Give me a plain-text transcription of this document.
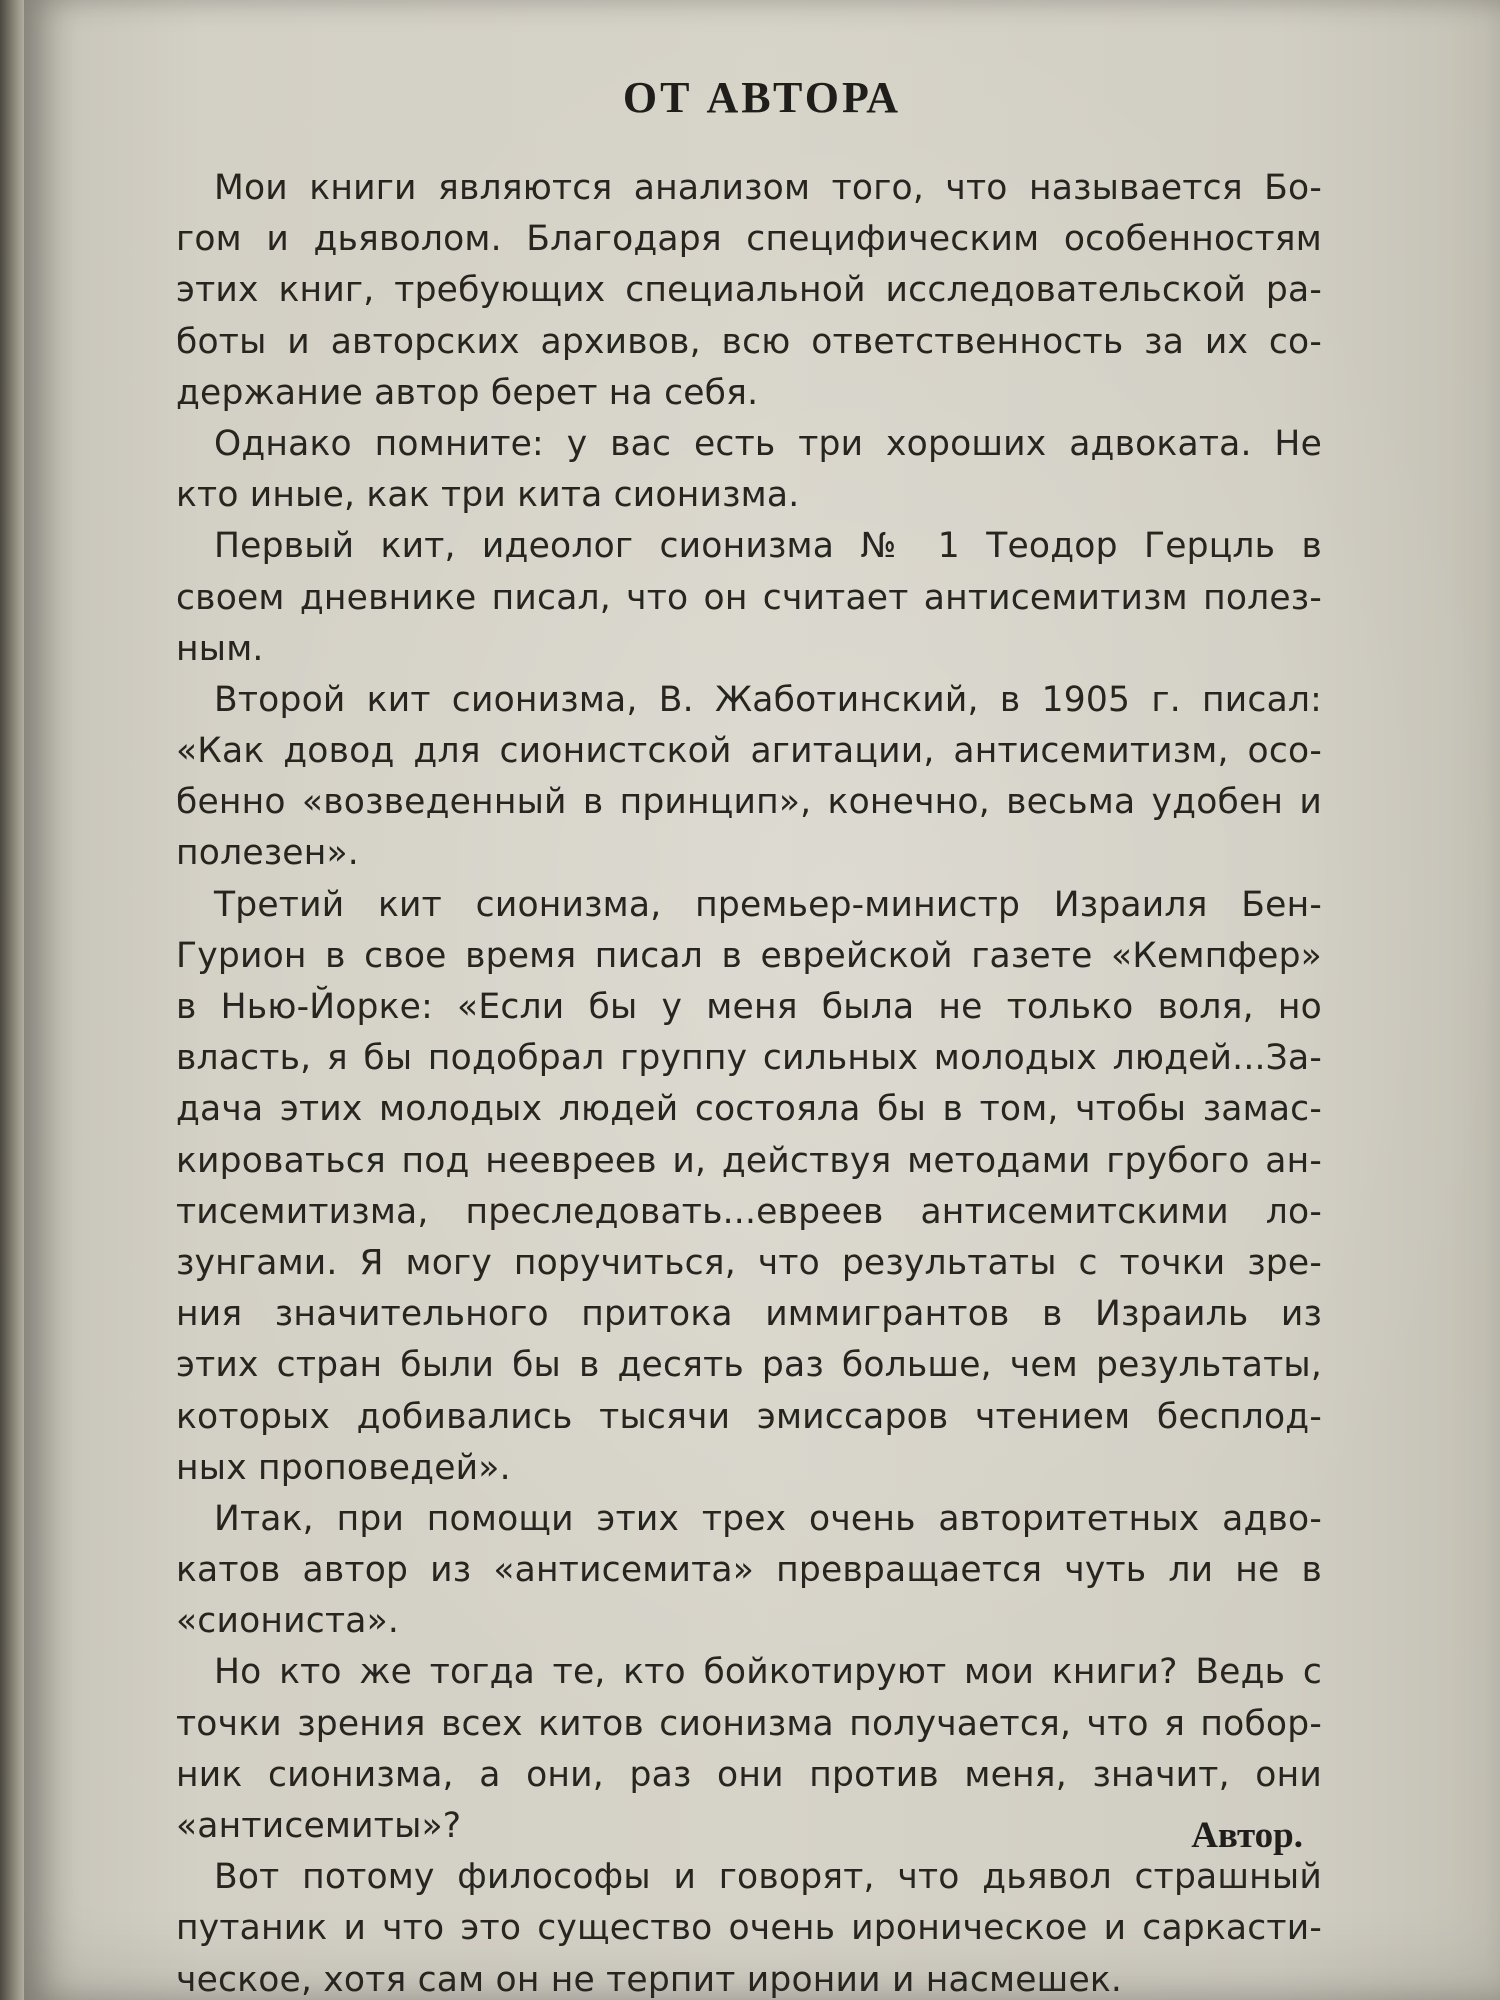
ОТ АВТОРА
Мои книги являются анализом того, что называется Бо-
гом и дьяволом. Благодаря специфическим особенностям
этих книг, требующих специальной исследовательской ра-
боты и авторских архивов, всю ответственность за их со-
держание автор берет на себя.
Однако помните: у вас есть три хороших адвоката. Не
кто иные, как три кита сионизма.
Первый кит, идеолог сионизма № 1 Теодор Герцль в
своем дневнике писал, что он считает антисемитизм полез-
ным.
Второй кит сионизма, В. Жаботинский, в 1905 г. писал:
«Как довод для сионистской агитации, антисемитизм, осо-
бенно «возведенный в принцип», конечно, весьма удобен и
полезен».
Третий кит сионизма, премьер-министр Израиля Бен-
Гурион в свое время писал в еврейской газете «Кемпфер»
в Нью-Йорке: «Если бы у меня была не только воля, но
власть, я бы подобрал группу сильных молодых людей...За-
дача этих молодых людей состояла бы в том, чтобы замас-
кироваться под неевреев и, действуя методами грубого ан-
тисемитизма, преследовать...евреев антисемитскими ло-
зунгами. Я могу поручиться, что результаты с точки зре-
ния значительного притока иммигрантов в Израиль из
этих стран были бы в десять раз больше, чем результаты,
которых добивались тысячи эмиссаров чтением бесплод-
ных проповедей».
Итак, при помощи этих трех очень авторитетных адво-
катов автор из «антисемита» превращается чуть ли не в
«сиониста».
Но кто же тогда те, кто бойкотируют мои книги? Ведь с
точки зрения всех китов сионизма получается, что я побор-
ник сионизма, а они, раз они против меня, значит, они
«антисемиты»?
Вот потому философы и говорят, что дьявол страшный
путаник и что это существо очень ироническое и саркасти-
ческое, хотя сам он не терпит иронии и насмешек.
Автор.
